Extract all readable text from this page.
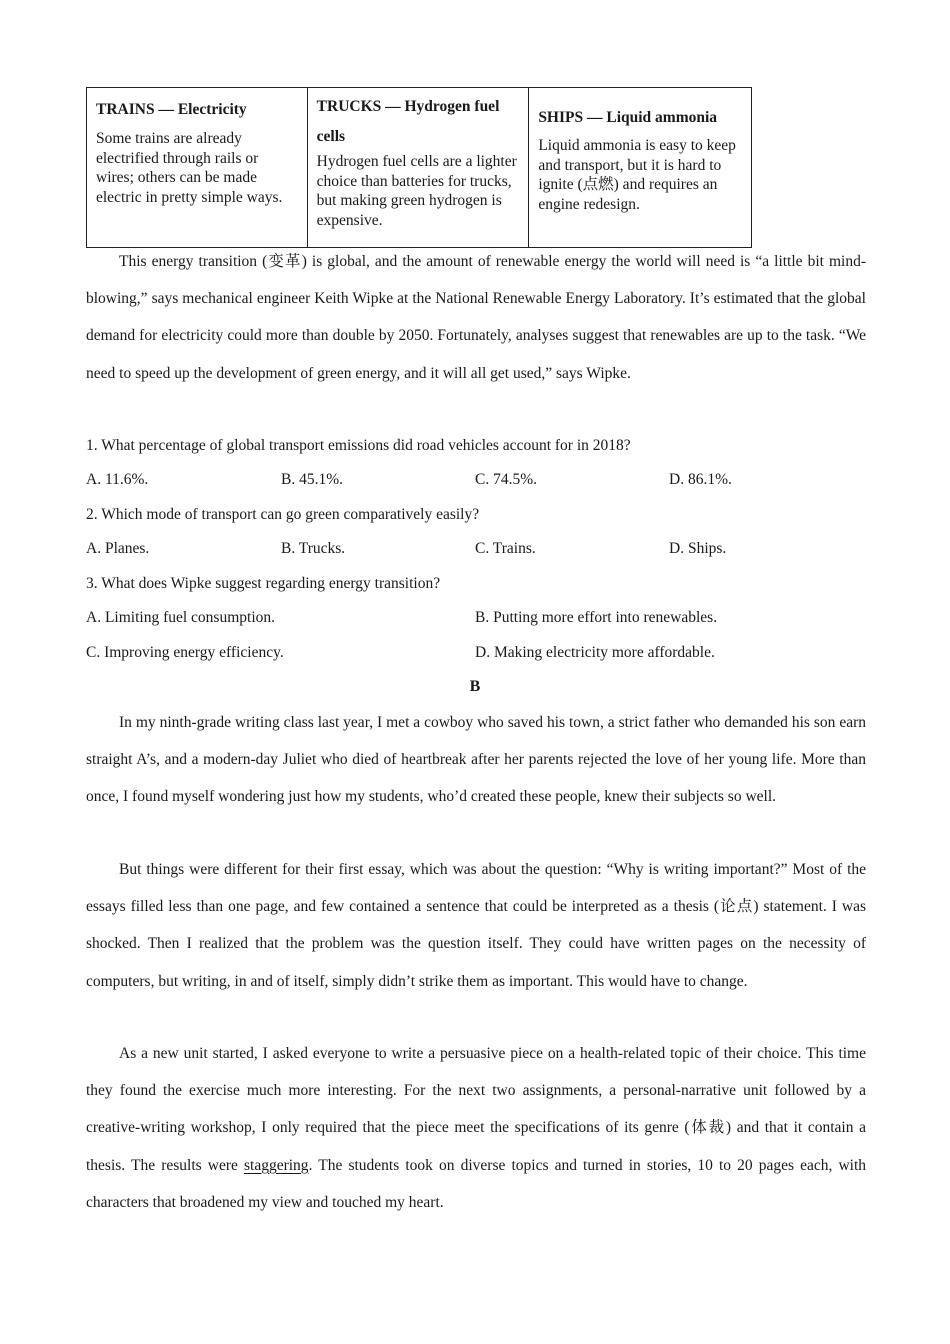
TRAINS — Electricity
Some trains are already electrified through rails or wires; others can be made electric in pretty simple ways.

TRUCKS — Hydrogen fuel cells
Hydrogen fuel cells are a lighter choice than batteries for trucks, but making green hydrogen is expensive.

SHIPS — Liquid ammonia
Liquid ammonia is easy to keep and transport, but it is hard to ignite (点燃) and requires an engine redesign.

This energy transition (变革) is global, and the amount of renewable energy the world will need is “a little bit mind-blowing,” says mechanical engineer Keith Wipke at the National Renewable Energy Laboratory. It’s estimated that the global demand for electricity could more than double by 2050. Fortunately, analyses suggest that renewables are up to the task. “We need to speed up the development of green energy, and it will all get used,” says Wipke.

1. What percentage of global transport emissions did road vehicles account for in 2018?
A. 11.6%.	B. 45.1%.	C. 74.5%.	D. 86.1%.
2. Which mode of transport can go green comparatively easily?
A. Planes.	B. Trucks.	C. Trains.	D. Ships.
3. What does Wipke suggest regarding energy transition?
A. Limiting fuel consumption.	B. Putting more effort into renewables.
C. Improving energy efficiency.	D. Making electricity more affordable.
B

In my ninth-grade writing class last year, I met a cowboy who saved his town, a strict father who demanded his son earn straight A’s, and a modern-day Juliet who died of heartbreak after her parents rejected the love of her young life. More than once, I found myself wondering just how my students, who’d created these people, knew their subjects so well.

But things were different for their first essay, which was about the question: “Why is writing important?” Most of the essays filled less than one page, and few contained a sentence that could be interpreted as a thesis (论点) statement. I was shocked. Then I realized that the problem was the question itself. They could have written pages on the necessity of computers, but writing, in and of itself, simply didn’t strike them as important. This would have to change.

As a new unit started, I asked everyone to write a persuasive piece on a health-related topic of their choice. This time they found the exercise much more interesting. For the next two assignments, a personal-narrative unit followed by a creative-writing workshop, I only required that the piece meet the specifications of its genre (体裁) and that it contain a thesis. The results were staggering. The students took on diverse topics and turned in stories, 10 to 20 pages each, with characters that broadened my view and touched my heart.
